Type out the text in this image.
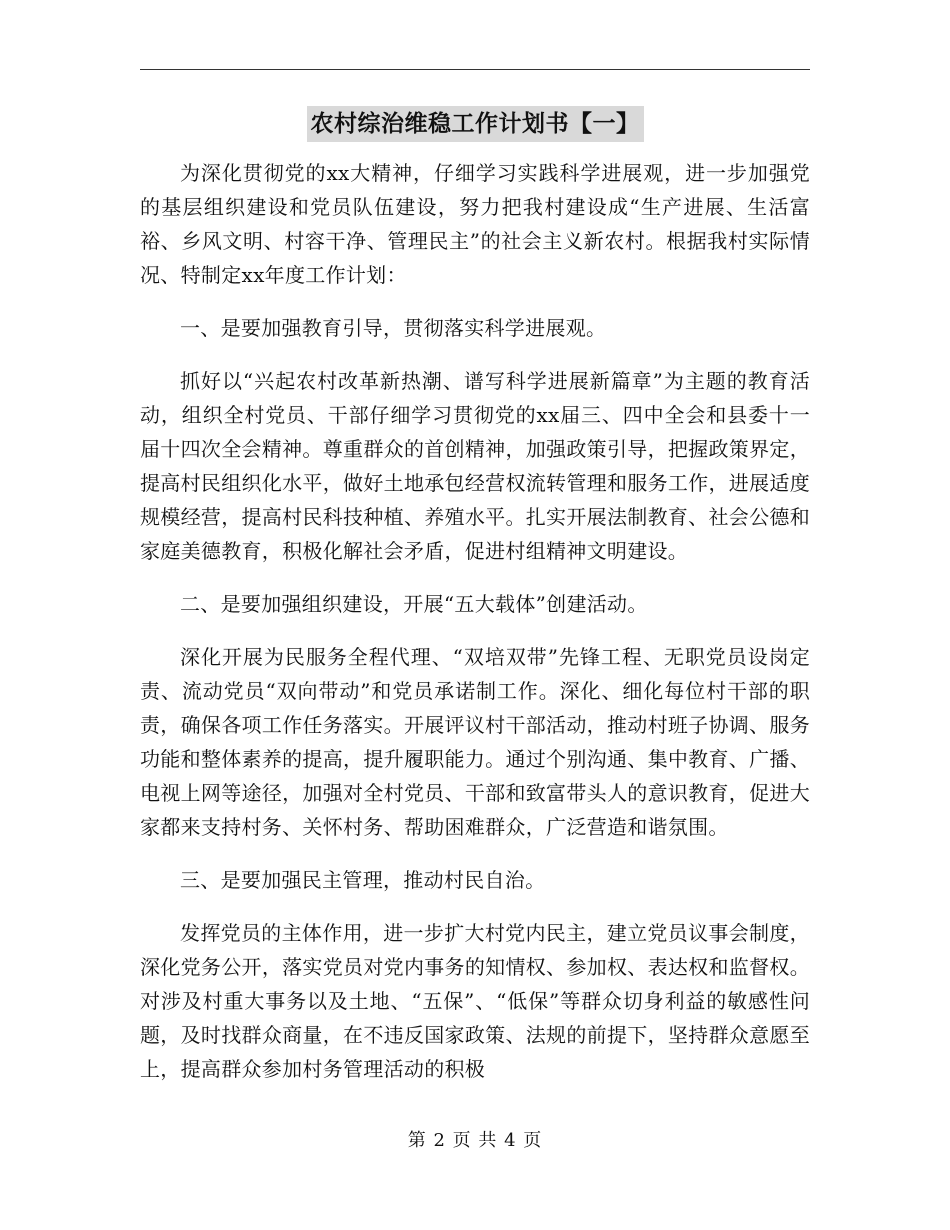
农村综治维稳工作计划书【一】

为深化贯彻党的xx大精神，仔细学习实践科学进展观，进一步加强党的基层组织建设和党员队伍建设，努力把我村建设成“生产进展、生活富裕、乡风文明、村容干净、管理民主”的社会主义新农村。根据我村实际情况、特制定xx年度工作计划：

一、是要加强教育引导，贯彻落实科学进展观。

抓好以“兴起农村改革新热潮、谱写科学进展新篇章”为主题的教育活动，组织全村党员、干部仔细学习贯彻党的xx届三、四中全会和县委十一届十四次全会精神。尊重群众的首创精神，加强政策引导，把握政策界定，提高村民组织化水平，做好土地承包经营权流转管理和服务工作，进展适度规模经营，提高村民科技种植、养殖水平。扎实开展法制教育、社会公德和家庭美德教育，积极化解社会矛盾，促进村组精神文明建设。

二、是要加强组织建设，开展“五大载体”创建活动。

深化开展为民服务全程代理、“双培双带”先锋工程、无职党员设岗定责、流动党员“双向带动”和党员承诺制工作。深化、细化每位村干部的职责，确保各项工作任务落实。开展评议村干部活动，推动村班子协调、服务功能和整体素养的提高，提升履职能力。通过个别沟通、集中教育、广播、电视上网等途径，加强对全村党员、干部和致富带头人的意识教育，促进大家都来支持村务、关怀村务、帮助困难群众，广泛营造和谐氛围。

三、是要加强民主管理，推动村民自治。

发挥党员的主体作用，进一步扩大村党内民主，建立党员议事会制度，深化党务公开，落实党员对党内事务的知情权、参加权、表达权和监督权。对涉及村重大事务以及土地、“五保”、“低保”等群众切身利益的敏感性问题，及时找群众商量，在不违反国家政策、法规的前提下，坚持群众意愿至上，提高群众参加村务管理活动的积极

第 2 页 共 4 页
